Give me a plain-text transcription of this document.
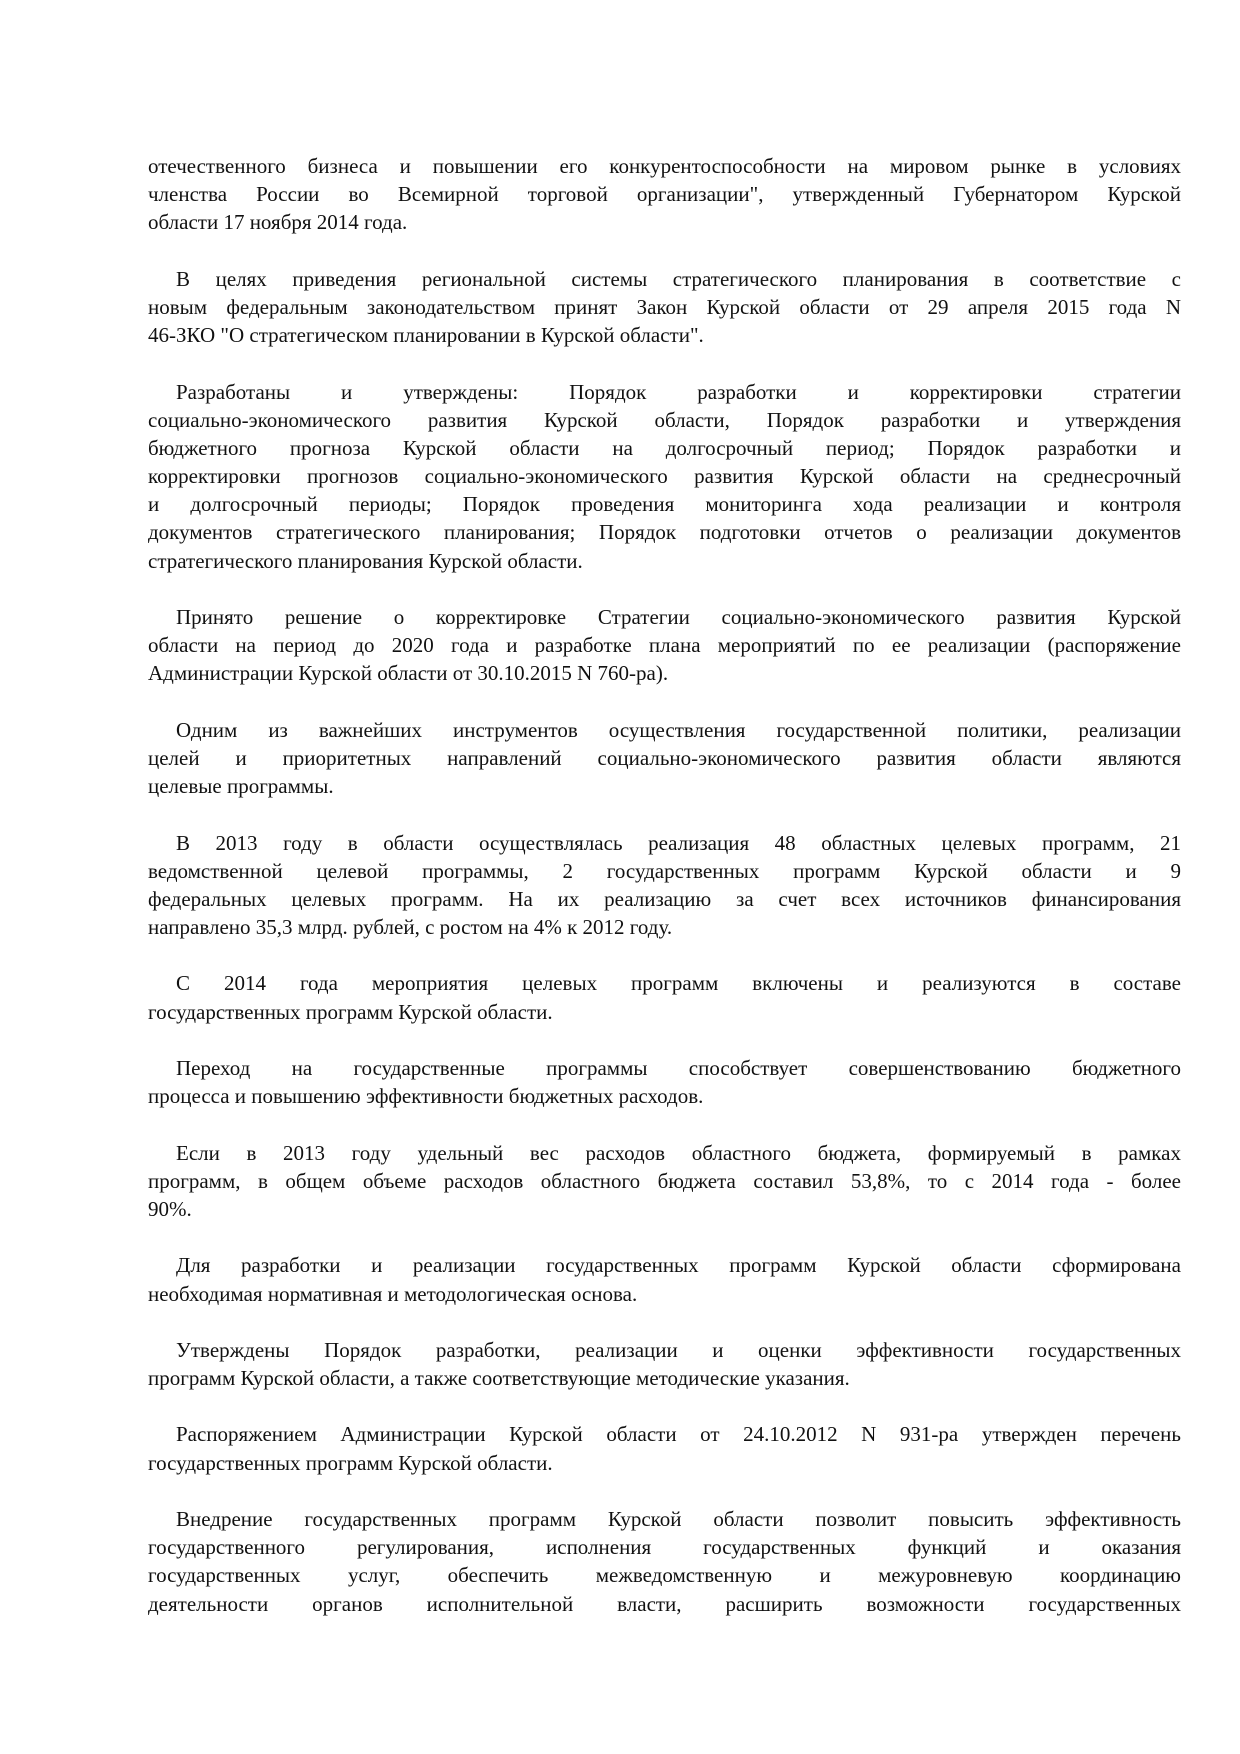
отечественного бизнеса и повышении его конкурентоспособности на мировом рынке в условиях
членства России во Всемирной торговой организации", утвержденный Губернатором Курской
области 17 ноября 2014 года.
В целях приведения региональной системы стратегического планирования в соответствие с
новым федеральным законодательством принят Закон Курской области от 29 апреля 2015 года N
46-ЗКО "О стратегическом планировании в Курской области".
Разработаны и утверждены: Порядок разработки и корректировки стратегии
социально-экономического развития Курской области, Порядок разработки и утверждения
бюджетного прогноза Курской области на долгосрочный период; Порядок разработки и
корректировки прогнозов социально-экономического развития Курской области на среднесрочный
и долгосрочный периоды; Порядок проведения мониторинга хода реализации и контроля
документов стратегического планирования; Порядок подготовки отчетов о реализации документов
стратегического планирования Курской области.
Принято решение о корректировке Стратегии социально-экономического развития Курской
области на период до 2020 года и разработке плана мероприятий по ее реализации (распоряжение
Администрации Курской области от 30.10.2015 N 760-ра).
Одним из важнейших инструментов осуществления государственной политики, реализации
целей и приоритетных направлений социально-экономического развития области являются
целевые программы.
В 2013 году в области осуществлялась реализация 48 областных целевых программ, 21
ведомственной целевой программы, 2 государственных программ Курской области и 9
федеральных целевых программ. На их реализацию за счет всех источников финансирования
направлено 35,3 млрд. рублей, с ростом на 4% к 2012 году.
С 2014 года мероприятия целевых программ включены и реализуются в составе
государственных программ Курской области.
Переход на государственные программы способствует совершенствованию бюджетного
процесса и повышению эффективности бюджетных расходов.
Если в 2013 году удельный вес расходов областного бюджета, формируемый в рамках
программ, в общем объеме расходов областного бюджета составил 53,8%, то с 2014 года - более
90%.
Для разработки и реализации государственных программ Курской области сформирована
необходимая нормативная и методологическая основа.
Утверждены Порядок разработки, реализации и оценки эффективности государственных
программ Курской области, а также соответствующие методические указания.
Распоряжением Администрации Курской области от 24.10.2012 N 931-ра утвержден перечень
государственных программ Курской области.
Внедрение государственных программ Курской области позволит повысить эффективность
государственного регулирования, исполнения государственных функций и оказания
государственных услуг, обеспечить межведомственную и межуровневую координацию
деятельности органов исполнительной власти, расширить возможности государственных
